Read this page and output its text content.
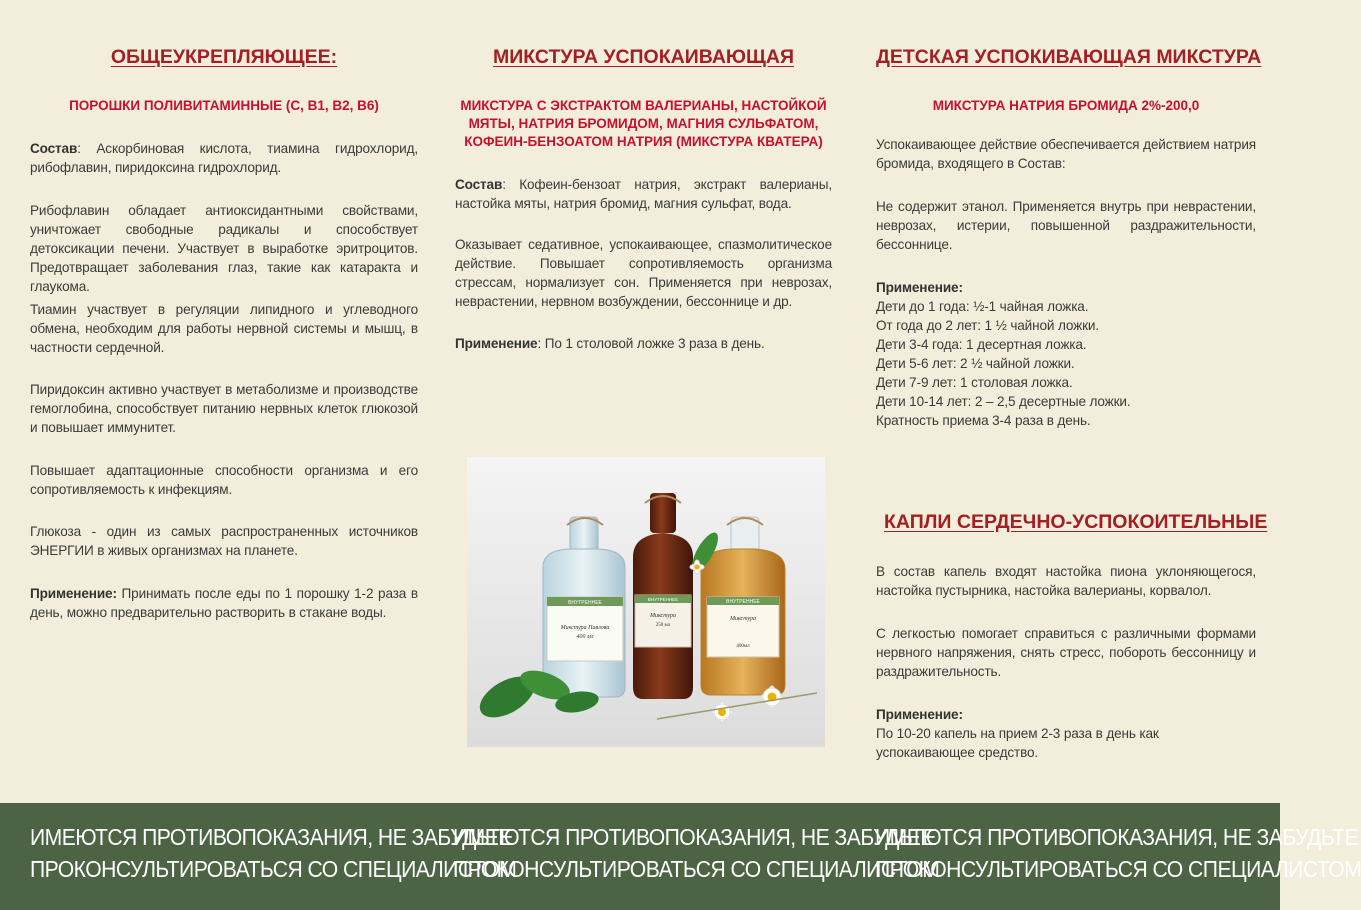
ОБЩЕУКРЕПЛЯЮЩЕЕ:
ПОРОШКИ ПОЛИВИТАМИННЫЕ (С, В1, В2, В6)

Состав: Аскорбиновая кислота, тиамина гидрохлорид, рибофлавин, пиридоксина гидрохлорид.

Рибофлавин обладает антиоксидантными свойствами, уничтожает свободные радикалы и способствует детоксикации печени. Участвует в выработке эритроцитов. Предотвращает заболевания глаз, такие как катаракта и глаукома.

Тиамин участвует в регуляции липидного и углеводного обмена, необходим для работы нервной системы и мышц, в частности сердечной.

Пиридоксин активно участвует в метаболизме и производстве гемоглобина, способствует питанию нервных клеток глюкозой и повышает иммунитет.

Повышает адаптационные способности организма и его сопротивляемость к инфекциям.

Глюкоза - один из самых распространенных источников ЭНЕРГИИ в живых организмах на планете.

Применение: Принимать после еды по 1 порошку 1-2 раза в день, можно предварительно растворить в стакане воды.

МИКСТУРА УСПОКАИВАЮЩАЯ
МИКСТУРА С ЭКСТРАКТОМ ВАЛЕРИАНЫ, НАСТОЙКОЙ МЯТЫ, НАТРИЯ БРОМИДОМ, МАГНИЯ СУЛЬФАТОМ, КОФЕИН-БЕНЗОАТОМ НАТРИЯ (МИКСТУРА КВАТЕРА)

Состав: Кофеин-бензоат натрия, экстракт валерианы, настойка мяты, натрия бромид, магния сульфат, вода.

Оказывает седативное, успокаивающее, спазмолитическое действие. Повышает сопротивляемость организма стрессам, нормализует сон. Применяется при неврозах, неврастении, нервном возбуждении, бессоннице и др.

Применение: По 1 столовой ложке 3 раза в день.

ВНУТРЕННЕЕ
Микстура Павлова
400 мл
ВНУТРЕННЕЕ
Микстура
250 мл
ВНУТРЕННЕЕ
Микстура
400мл
ДЕТСКАЯ УСПОКИВАЮЩАЯ МИКСТУРА
МИКСТУРА НАТРИЯ БРОМИДА 2%-200,0

Успокаивающее действие обеспечивается действием натрия бромида, входящего в Состав:

Не содержит этанол. Применяется внутрь при неврастении, неврозах, истерии, повышенной раздражительности, бессоннице.

Применение:
Дети до 1 года: ½-1 чайная ложка.
От года до 2 лет: 1 ½ чайной ложки.
Дети 3-4 года: 1 десертная ложка.
Дети 5-6 лет: 2 ½ чайной ложки.
Дети 7-9 лет: 1 столовая ложка.
Дети 10-14 лет: 2 – 2,5 десертные ложки.
Кратность приема 3-4 раза в день.
КАПЛИ СЕРДЕЧНО-УСПОКОИТЕЛЬНЫЕ

В состав капель входят настойка пиона уклоняющегося, настойка пустырника, настойка валерианы, корвалол.

С легкостью помогает справиться с различными формами нервного напряжения, снять стресс, побороть бессонницу и раздражительность.

Применение:
По 10-20 капель на прием 2-3 раза в день как успокаивающее средство.
ИМЕЮТСЯ ПРОТИВОПОКАЗАНИЯ, НЕ ЗАБУДЬТЕ
ПРОКОНСУЛЬТИРОВАТЬСЯ СО СПЕЦИАЛИСТОМ
ИМЕЮТСЯ ПРОТИВОПОКАЗАНИЯ, НЕ ЗАБУДЬТЕ
ПРОКОНСУЛЬТИРОВАТЬСЯ СО СПЕЦИАЛИСТОМ
ИМЕЮТСЯ ПРОТИВОПОКАЗАНИЯ, НЕ ЗАБУДЬТЕ
ПРОКОНСУЛЬТИРОВАТЬСЯ СО СПЕЦИАЛИСТОМ
